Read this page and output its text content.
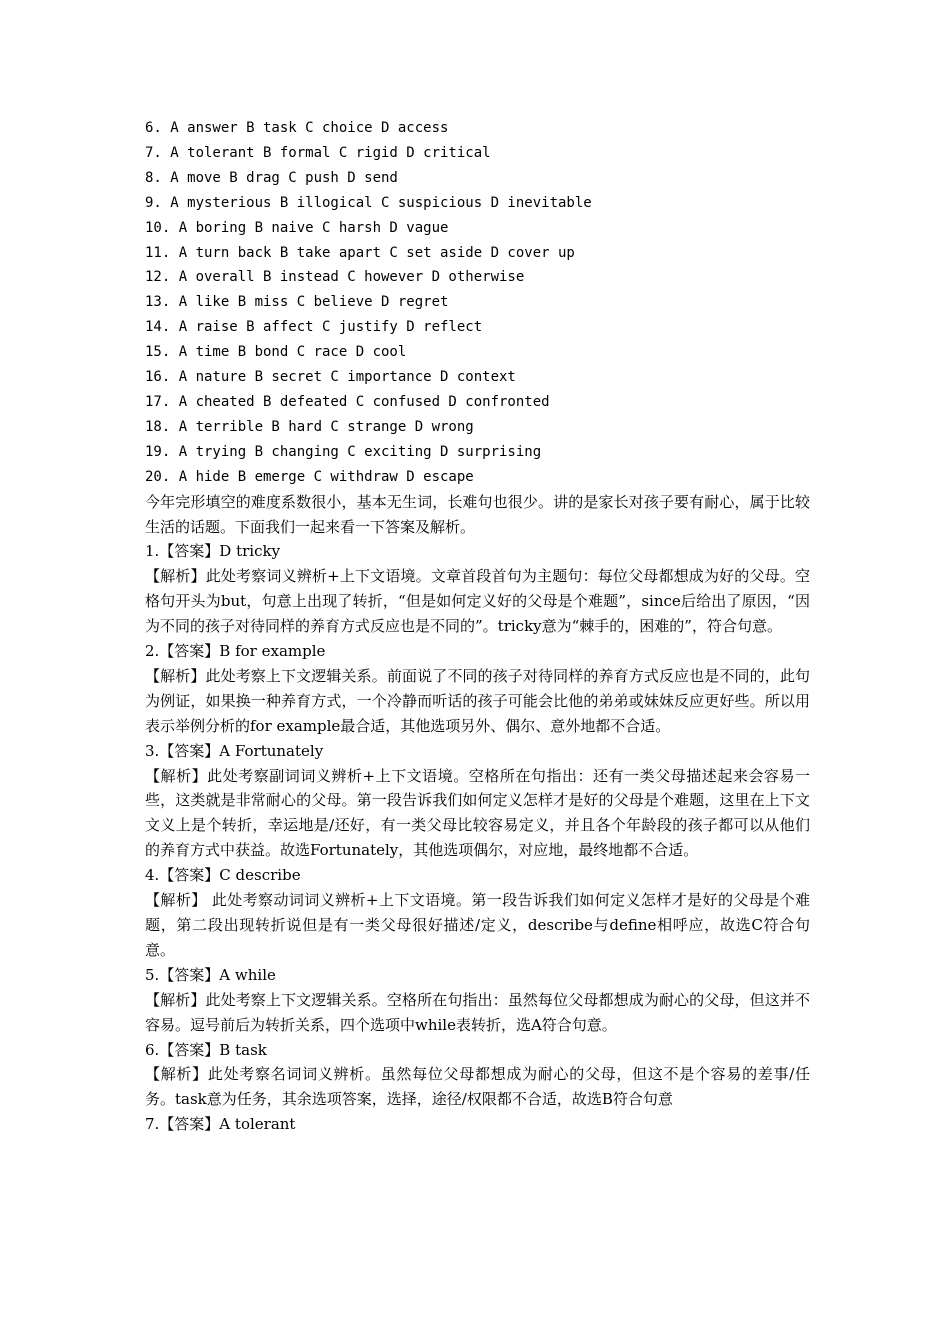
6. A answer B task C choice D access
7. A tolerant B formal C rigid D critical
8. A move B drag C push D send
9. A mysterious B illogical C suspicious D inevitable
10. A boring B naive C harsh D vague
11. A turn back B take apart C set aside D cover up
12. A overall B instead C however D otherwise
13. A like B miss C believe D regret
14. A raise B affect C justify D reflect
15. A time B bond C race D cool
16. A nature B secret C importance D context
17. A cheated B defeated C confused D confronted
18. A terrible B hard C strange D wrong
19. A trying B changing C exciting D surprising
20. A hide B emerge C withdraw D escape

今年完形填空的难度系数很小，基本无生词，长难句也很少。讲的是家长对孩子要有耐心，属于比较生活的话题。下面我们一起来看一下答案及解析。

1.【答案】D tricky

【解析】此处考察词义辨析+上下文语境。文章首段首句为主题句：每位父母都想成为好的父母。空格句开头为but，句意上出现了转折，“但是如何定义好的父母是个难题”，since后给出了原因，“因为不同的孩子对待同样的养育方式反应也是不同的”。tricky意为“棘手的，困难的”，符合句意。

2.【答案】B for example

【解析】此处考察上下文逻辑关系。前面说了不同的孩子对待同样的养育方式反应也是不同的，此句为例证，如果换一种养育方式，一个冷静而听话的孩子可能会比他的弟弟或妹妹反应更好些。所以用表示举例分析的for example最合适，其他选项另外、偶尔、意外地都不合适。

3.【答案】A Fortunately

【解析】此处考察副词词义辨析+上下文语境。空格所在句指出：还有一类父母描述起来会容易一些，这类就是非常耐心的父母。第一段告诉我们如何定义怎样才是好的父母是个难题，这里在上下文文义上是个转折，幸运地是/还好，有一类父母比较容易定义，并且各个年龄段的孩子都可以从他们的养育方式中获益。故选Fortunately，其他选项偶尔，对应地，最终地都不合适。

4.【答案】C describe

【解析】 此处考察动词词义辨析+上下文语境。第一段告诉我们如何定义怎样才是好的父母是个难题，第二段出现转折说但是有一类父母很好描述/定义，describe与define相呼应，故选C符合句意。

5.【答案】A while

【解析】此处考察上下文逻辑关系。空格所在句指出：虽然每位父母都想成为耐心的父母，但这并不容易。逗号前后为转折关系，四个选项中while表转折，选A符合句意。

6.【答案】B task

【解析】此处考察名词词义辨析。虽然每位父母都想成为耐心的父母，但这不是个容易的差事/任务。task意为任务，其余选项答案，选择，途径/权限都不合适，故选B符合句意

7.【答案】A tolerant
